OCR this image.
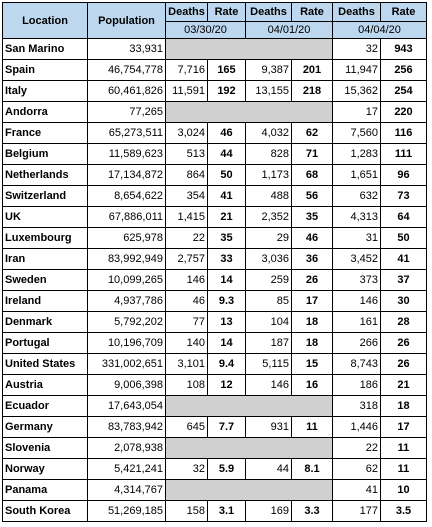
Location	Population	Deaths	Rate	Deaths	Rate	Deaths	Rate
		03/30/20		04/01/20		04/04/20	
San Marino	33,931					32	943
Spain	46,754,778	7,716	165	9,387	201	11,947	256
Italy	60,461,826	11,591	192	13,155	218	15,362	254
Andorra	77,265					17	220
France	65,273,511	3,024	46	4,032	62	7,560	116
Belgium	11,589,623	513	44	828	71	1,283	111
Netherlands	17,134,872	864	50	1,173	68	1,651	96
Switzerland	8,654,622	354	41	488	56	632	73
UK	67,886,011	1,415	21	2,352	35	4,313	64
Luxembourg	625,978	22	35	29	46	31	50
Iran	83,992,949	2,757	33	3,036	36	3,452	41
Sweden	10,099,265	146	14	259	26	373	37
Ireland	4,937,786	46	9.3	85	17	146	30
Denmark	5,792,202	77	13	104	18	161	28
Portugal	10,196,709	140	14	187	18	266	26
United States	331,002,651	3,101	9.4	5,115	15	8,743	26
Austria	9,006,398	108	12	146	16	186	21
Ecuador	17,643,054					318	18
Germany	83,783,942	645	7.7	931	11	1,446	17
Slovenia	2,078,938					22	11
Norway	5,421,241	32	5.9	44	8.1	62	11
Panama	4,314,767					41	10
South Korea	51,269,185	158	3.1	169	3.3	177	3.5
